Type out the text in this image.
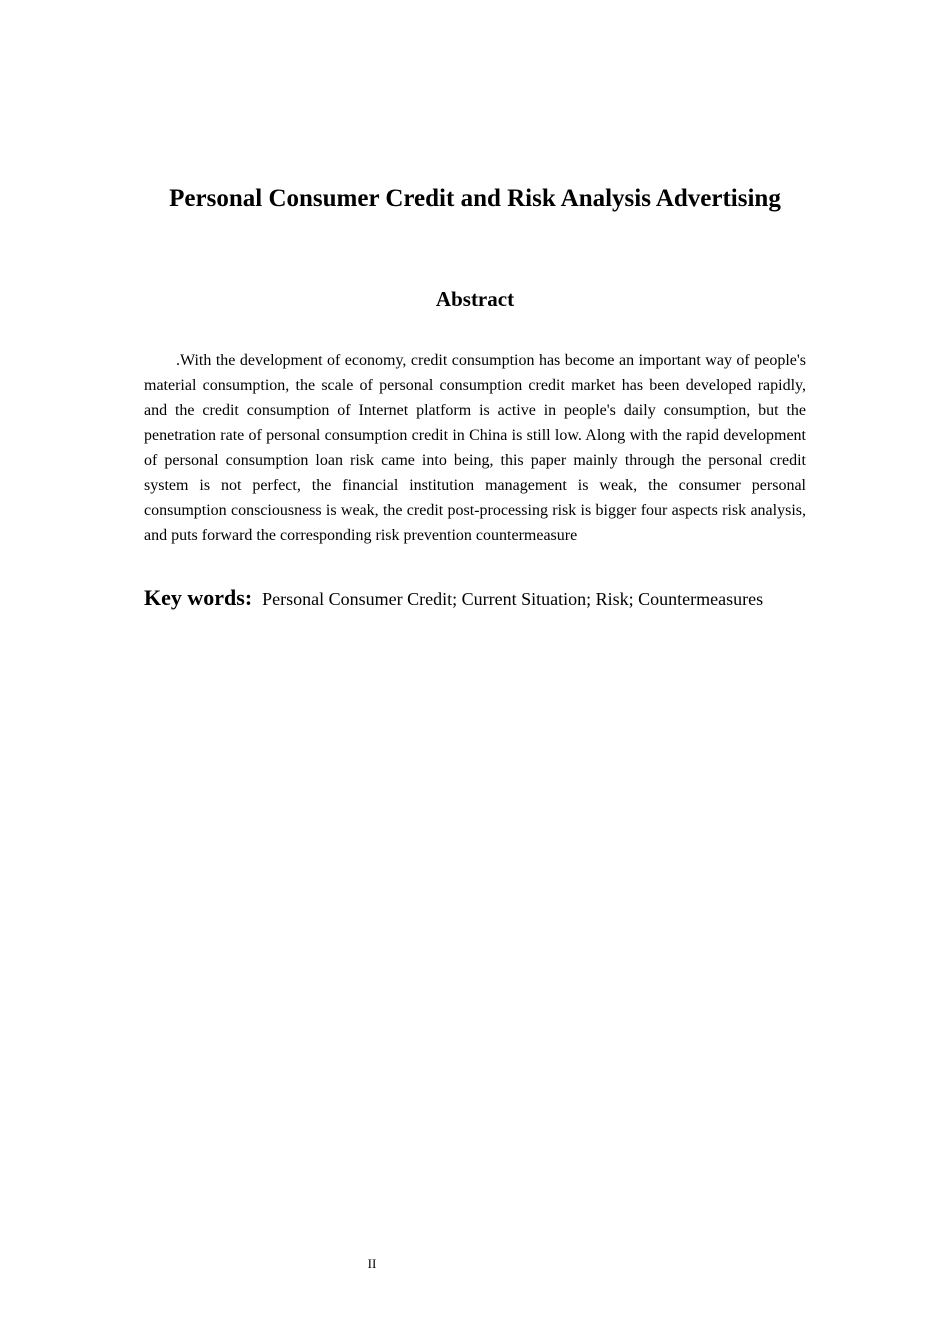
Personal Consumer Credit and Risk Analysis Advertising
Abstract

.With the development of economy, credit consumption has become an important way of people's material consumption, the scale of personal consumption credit market has been developed rapidly, and the credit consumption of Internet platform is active in people's daily consumption, but the penetration rate of personal consumption credit in China is still low. Along with the rapid development of personal consumption loan risk came into being, this paper mainly through the personal credit system is not perfect, the financial institution management is weak, the consumer personal consumption consciousness is weak, the credit post-processing risk is bigger four aspects risk analysis, and puts forward the corresponding risk prevention countermeasure

Key words: Personal Consumer Credit; Current Situation; Risk; Countermeasures

II
